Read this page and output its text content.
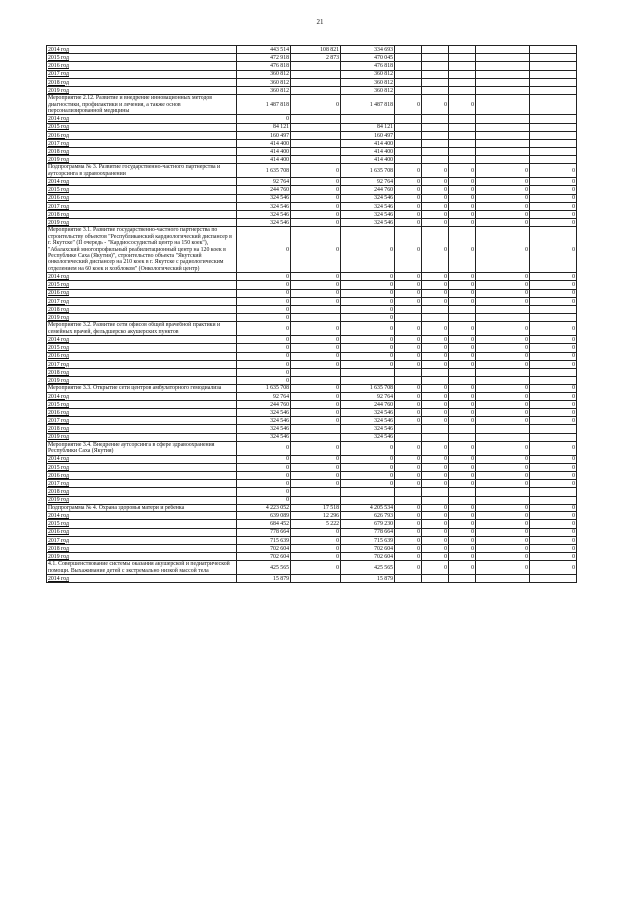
21
2014 год	443 514	108 821	334 693					
2015 год	472 918	2 873	470 045					
2016 год	476 818		476 818					
2017 год	360 812		360 812					
2018 год	360 812		360 812					
2019 год	360 812		360 812					
Мероприятие 2.12. Развитие и внедрение инновационных методов диагностики, профилактики и лечения, а также основ персонализированной медицины	1 487 818	0	1 487 818	0	0	0		
2014 год	0							
2015 год	84 121		84 121					
2016 год	160 497		160 497					
2017 год	414 400		414 400					
2018 год	414 400		414 400					
2019 год	414 400		414 400					
Подпрограмма № 3. Развитие государственно-частного партнерства и аутсорсинга в здравоохранении	1 635 708	0	1 635 708	0	0	0	0	0
2014 год	92 764	0	92 764	0	0	0	0	0
2015 год	244 760	0	244 760	0	0	0	0	0
2016 год	324 546	0	324 546	0	0	0	0	0
2017 год	324 546	0	324 546	0	0	0	0	0
2018 год	324 546	0	324 546	0	0	0	0	0
2019 год	324 546	0	324 546	0	0	0	0	0
Мероприятие 3.1. Развитие государственно-частного партнерства по строительству объектов "Республиканский кардиологический диспансер в г. Якутске" (II очередь - "Кардиососудистый центр на 150 коек"), "Абалахский многопрофильный реабилитационный центр на 120 коек в Республике Саха (Якутия)", строительство объекта "Якутский онкологический диспансер на 210 коек в г. Якутске с радиологическим отделением на 60 коек и хозблоком" (Онкологический центр)	0	0	0	0	0	0	0	0
2014 год	0	0	0	0	0	0	0	0
2015 год	0	0	0	0	0	0	0	0
2016 год	0	0	0	0	0	0	0	0
2017 год	0	0	0	0	0	0	0	0
2018 год	0		0					
2019 год	0		0					
Мероприятие 3.2. Развитие сети офисов общей врачебной практики и семейных врачей, фельдшерско акушерских пунктов	0	0	0	0	0	0	0	0
2014 год	0	0	0	0	0	0	0	0
2015 год	0	0	0	0	0	0	0	0
2016 год	0	0	0	0	0	0	0	0
2017 год	0	0	0	0	0	0	0	0
2018 год	0							
2019 год	0							
Мероприятие 3.3. Открытие сети центров амбулаторного гемодиализа	1 635 708	0	1 635 708	0	0	0	0	0
2014 год	92 764	0	92 764	0	0	0	0	0
2015 год	244 760	0	244 760	0	0	0	0	0
2016 год	324 546	0	324 546	0	0	0	0	0
2017 год	324 546	0	324 546	0	0	0	0	0
2018 год	324 546		324 546					
2019 год	324 546		324 546					
Мероприятие 3.4. Внедрение аутсорсинга в сфере здравоохранения Республики Саха (Якутия)	0	0	0	0	0	0	0	0
2014 год	0	0	0	0	0	0	0	0
2015 год	0	0	0	0	0	0	0	0
2016 год	0	0	0	0	0	0	0	0
2017 год	0	0	0	0	0	0	0	0
2018 год	0							
2019 год	0							
Подпрограмма № 4. Охрана здоровья матери и ребенка	4 223 052	17 518	4 205 534	0	0	0	0	0
2014 год	639 089	12 296	626 793	0	0	0	0	0
2015 год	684 452	5 222	679 230	0	0	0	0	0
2016 год	778 664	0	778 664	0	0	0	0	0
2017 год	715 639	0	715 639	0	0	0	0	0
2018 год	702 604	0	702 604	0	0	0	0	0
2019 год	702 604	0	702 604	0	0	0	0	0
4.1. Совершенствование системы оказания акушерской и педиатрической помощи. Выхаживание детей с экстремально низкой массой тела	425 565	0	425 565	0	0	0	0	0
2014 год	15 879		15 879					
